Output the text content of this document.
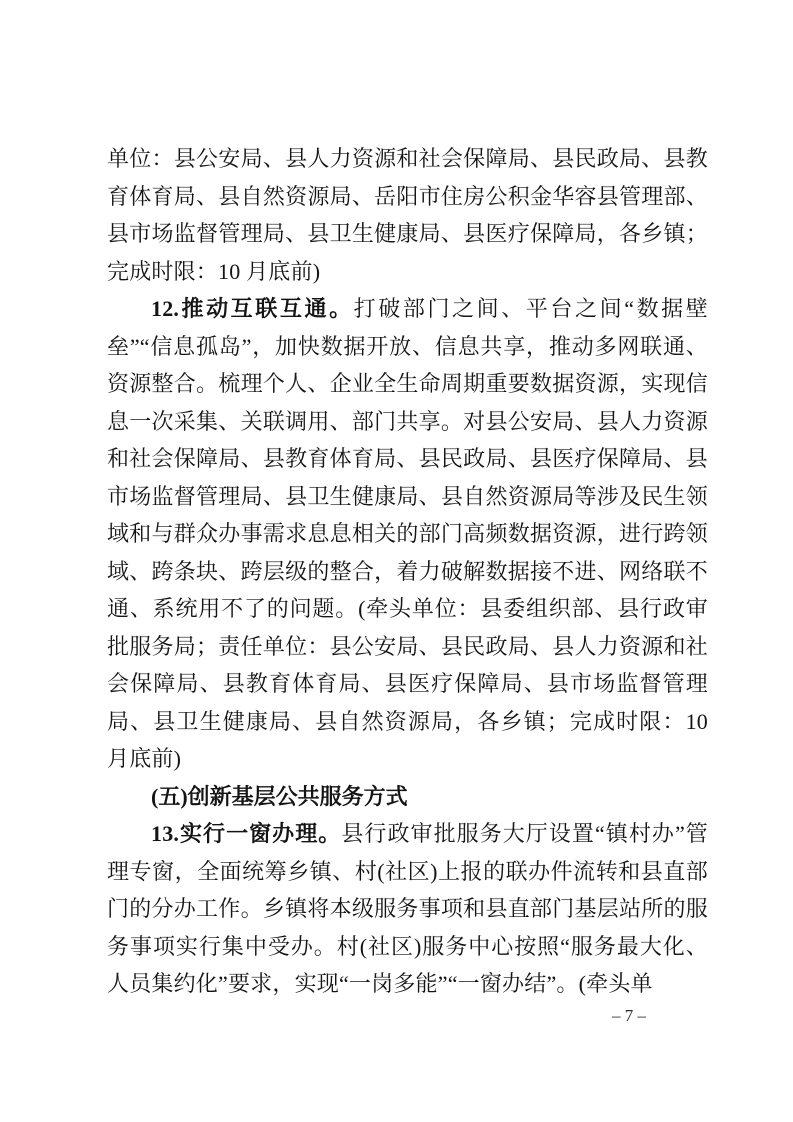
单位：县公安局、县人力资源和社会保障局、县民政局、县教育体育局、县自然资源局、岳阳市住房公积金华容县管理部、县市场监督管理局、县卫生健康局、县医疗保障局，各乡镇；完成时限：10 月底前)

12.推动互联互通。打破部门之间、平台之间“数据壁垒”“信息孤岛”，加快数据开放、信息共享，推动多网联通、资源整合。梳理个人、企业全生命周期重要数据资源，实现信息一次采集、关联调用、部门共享。对县公安局、县人力资源和社会保障局、县教育体育局、县民政局、县医疗保障局、县市场监督管理局、县卫生健康局、县自然资源局等涉及民生领域和与群众办事需求息息相关的部门高频数据资源，进行跨领域、跨条块、跨层级的整合，着力破解数据接不进、网络联不通、系统用不了的问题。(牵头单位：县委组织部、县行政审批服务局；责任单位：县公安局、县民政局、县人力资源和社会保障局、县教育体育局、县医疗保障局、县市场监督管理局、县卫生健康局、县自然资源局，各乡镇；完成时限：10 月底前)

(五)创新基层公共服务方式

13.实行一窗办理。县行政审批服务大厅设置“镇村办”管理专窗，全面统筹乡镇、村(社区)上报的联办件流转和县直部门的分办工作。乡镇将本级服务事项和县直部门基层站所的服务事项实行集中受办。村(社区)服务中心按照“服务最大化、人员集约化”要求，实现“一岗多能”“一窗办结”。(牵头单

– 7 –
